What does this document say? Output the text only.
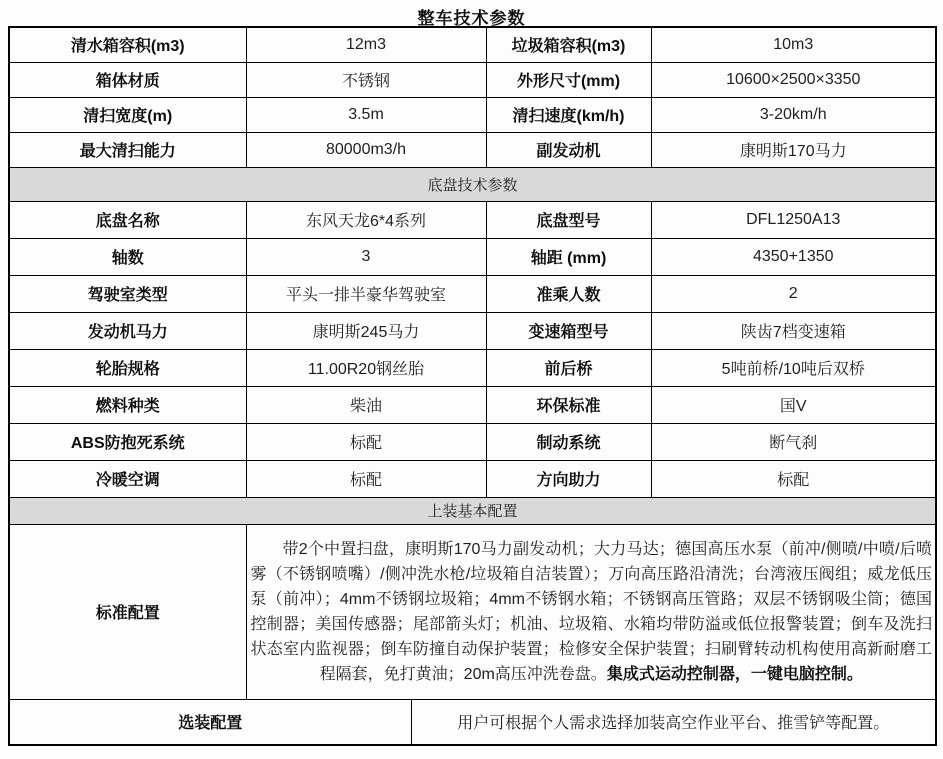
整车技术参数
清水箱容积(m3)	12m3		垃圾箱容积(m3)	10m3
箱体材质	不锈钢		外形尺寸(mm)	10600×2500×3350
清扫宽度(m)	3.5m		清扫速度(km/h)	3-20km/h
最大清扫能力	80000m3/h		副发动机	康明斯170马力
底盘技术参数				
底盘名称	东风天龙6*4系列		底盘型号	DFL1250A13
轴数	3		轴距 (mm)	4350+1350
驾驶室类型	平头一排半豪华驾驶室		准乘人数	2
发动机马力	康明斯245马力		变速箱型号	陕齿7档变速箱
轮胎规格	11.00R20钢丝胎		前后桥	5吨前桥/10吨后双桥
燃料种类	柴油		环保标准	国V
ABS防抱死系统	标配		制动系统	断气刹
冷暖空调	标配		方向助力	标配
上装基本配置				
标准配置	带2个中置扫盘，康明斯170马力副发动机；大力马达；德国高压水泵（前冲/侧喷/中喷/后喷雾（不锈钢喷嘴）/侧冲洗水枪/垃圾箱自洁装置）；万向高压路沿清洗；台湾液压阀组；威龙低压泵（前冲）；4mm不锈钢垃圾箱；4mm不锈钢水箱；不锈钢高压管路；双层不锈钢吸尘筒；德国控制器；美国传感器；尾部箭头灯；机油、垃圾箱、水箱均带防溢或低位报警装置；倒车及洗扫状态室内监视器；倒车防撞自动保护装置；检修安全保护装置；扫刷臂转动机构使用高新耐磨工程隔套，免打黄油；20m高压冲洗卷盘。集成式运动控制器，一键电脑控制。			

选装配置		用户可根据个人需求选择加装高空作业平台、推雪铲等配置。		
